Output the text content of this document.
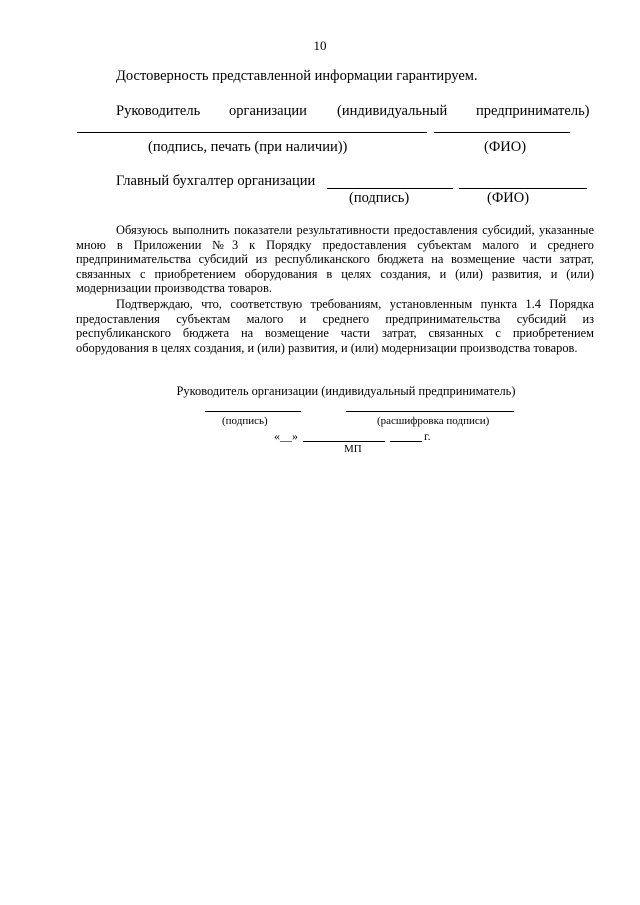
10
Достоверность представленной информации гарантируем.
Руководитель организации (индивидуальный предприниматель)
(подпись, печать (при наличии))	(ФИО)
Главный бухгалтер организации
(подпись)	(ФИО)
Обязуюсь выполнить показатели результативности предоставления субсидий, указанные мною в Приложении №3 к Порядку предоставления субъектам малого и среднего предпринимательства субсидий из республиканского бюджета на возмещение части затрат, связанных с приобретением оборудования в целях создания, и (или) развития, и (или) модернизации производства товаров.
Подтверждаю, что, соответствую требованиям, установленным пункта 1.4 Порядка предоставления субъектам малого и среднего предпринимательства субсидий из республиканского бюджета на возмещение части затрат, связанных с приобретением оборудования в целях создания, и (или) развития, и (или) модернизации производства товаров.
Руководитель организации (индивидуальный предприниматель)
(подпись)	(расшифровка подписи)
«__»	г.
МП
